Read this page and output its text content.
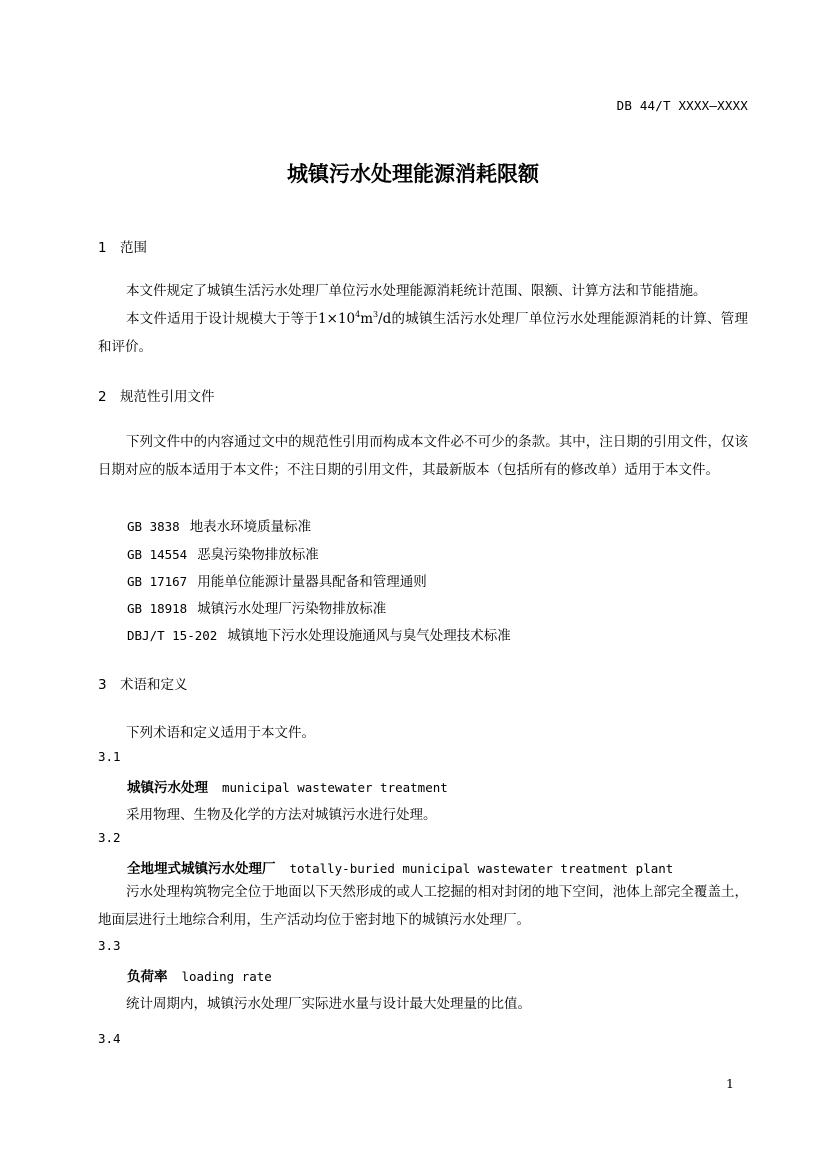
DB 44/T XXXX—XXXX
城镇污水处理能源消耗限额
1 范围
本文件规定了城镇生活污水处理厂单位污水处理能源消耗统计范围、限额、计算方法和节能措施。
本文件适用于设计规模大于等于$1\times 10^4m^3/d$的城镇生活污水处理厂单位污水处理能源消耗的计算、管理和评价。
2 规范性引用文件
下列文件中的内容通过文中的规范性引用而构成本文件必不可少的条款。其中，注日期的引用文件，仅该日期对应的版本适用于本文件；不注日期的引用文件，其最新版本（包括所有的修改单）适用于本文件。
GB 3838 地表水环境质量标准
GB 14554 恶臭污染物排放标准
GB 17167 用能单位能源计量器具配备和管理通则
GB 18918 城镇污水处理厂污染物排放标准
DBJ/T 15-202 城镇地下污水处理设施通风与臭气处理技术标准
3 术语和定义
下列术语和定义适用于本文件。
3.1
城镇污水处理 municipal wastewater treatment
采用物理、生物及化学的方法对城镇污水进行处理。
3.2
全地埋式城镇污水处理厂 totally-buried municipal wastewater treatment plant
污水处理构筑物完全位于地面以下天然形成的或人工挖掘的相对封闭的地下空间，池体上部完全覆盖土，地面层进行土地综合利用，生产活动均位于密封地下的城镇污水处理厂。
3.3
负荷率 loading rate
统计周期内，城镇污水处理厂实际进水量与设计最大处理量的比值。
3.4
1
